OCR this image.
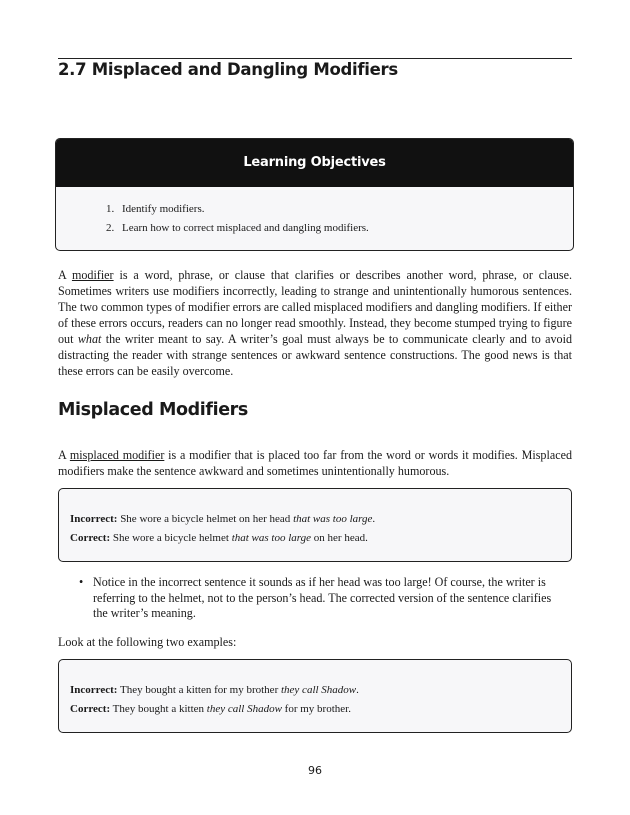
2.7 Misplaced and Dangling Modifiers
Learning Objectives
1. Identify modifiers.
2. Learn how to correct misplaced and dangling modifiers.

A modifier is a word, phrase, or clause that clarifies or describes another word, phrase, or clause. Sometimes writers use modifiers incorrectly, leading to strange and unintentionally humorous sentences. The two common types of modifier errors are called misplaced modifiers and dangling modifiers. If either of these errors occurs, readers can no longer read smoothly. Instead, they become stumped trying to figure out what the writer meant to say. A writer’s goal must always be to communicate clearly and to avoid distracting the reader with strange sentences or awkward sentence constructions. The good news is that these errors can be easily overcome.

Misplaced Modifiers

A misplaced modifier is a modifier that is placed too far from the word or words it modifies. Misplaced modifiers make the sentence awkward and sometimes unintentionally humorous.

Incorrect: She wore a bicycle helmet on her head that was too large.
Correct: She wore a bicycle helmet that was too large on her head.
• Notice in the incorrect sentence it sounds as if her head was too large! Of course, the writer is referring to the helmet, not to the person’s head. The corrected version of the sentence clarifies the writer’s meaning.
Look at the following two examples:
Incorrect: They bought a kitten for my brother they call Shadow.
Correct: They bought a kitten they call Shadow for my brother.
96
